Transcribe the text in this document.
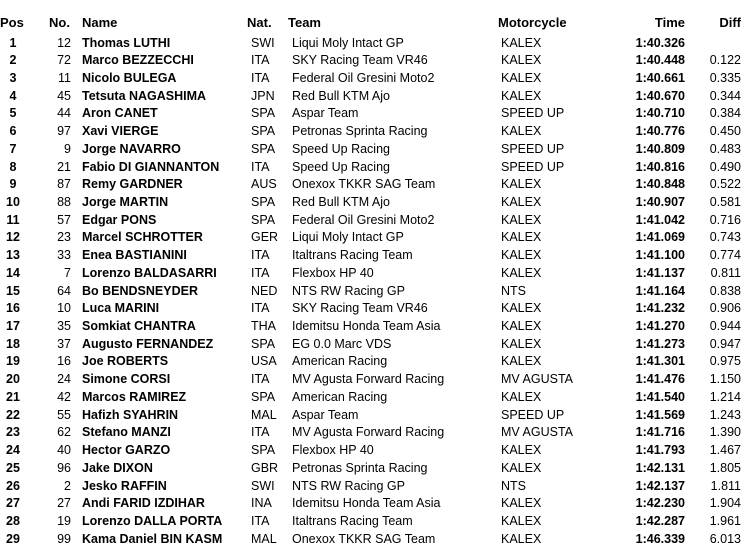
Pos	No. Name	Nat.	Team	Motorcycle	Time	Diff
1	12 Thomas LUTHI	SWI	Liqui Moly Intact GP	KALEX	1:40.326
2	72 Marco BEZZECCHI	ITA	SKY Racing Team VR46	KALEX	1:40.448	0.122
3	11 Nicolo BULEGA	ITA	Federal Oil Gresini Moto2	KALEX	1:40.661	0.335
4	45 Tetsuta NAGASHIMA	JPN	Red Bull KTM Ajo	KALEX	1:40.670	0.344
5	44 Aron CANET	SPA	Aspar Team	SPEED UP	1:40.710	0.384
6	97 Xavi VIERGE	SPA	Petronas Sprinta Racing	KALEX	1:40.776	0.450
7	9 Jorge NAVARRO	SPA	Speed Up Racing	SPEED UP	1:40.809	0.483
8	21 Fabio DI GIANNANTON	ITA	Speed Up Racing	SPEED UP	1:40.816	0.490
9	87 Remy GARDNER	AUS	Onexox TKKR SAG Team	KALEX	1:40.848	0.522
10	88 Jorge MARTIN	SPA	Red Bull KTM Ajo	KALEX	1:40.907	0.581
11	57 Edgar PONS	SPA	Federal Oil Gresini Moto2	KALEX	1:41.042	0.716
12	23 Marcel SCHROTTER	GER	Liqui Moly Intact GP	KALEX	1:41.069	0.743
13	33 Enea BASTIANINI	ITA	Italtrans Racing Team	KALEX	1:41.100	0.774
14	7 Lorenzo BALDASARRI	ITA	Flexbox HP 40	KALEX	1:41.137	0.811
15	64 Bo BENDSNEYDER	NED	NTS RW Racing GP	NTS	1:41.164	0.838
16	10 Luca MARINI	ITA	SKY Racing Team VR46	KALEX	1:41.232	0.906
17	35 Somkiat CHANTRA	THA	Idemitsu Honda Team Asia	KALEX	1:41.270	0.944
18	37 Augusto FERNANDEZ	SPA	EG 0.0 Marc VDS	KALEX	1:41.273	0.947
19	16 Joe ROBERTS	USA	American Racing	KALEX	1:41.301	0.975
20	24 Simone CORSI	ITA	MV Agusta Forward Racing	MV AGUSTA	1:41.476	1.150
21	42 Marcos RAMIREZ	SPA	American Racing	KALEX	1:41.540	1.214
22	55 Hafizh SYAHRIN	MAL	Aspar Team	SPEED UP	1:41.569	1.243
23	62 Stefano MANZI	ITA	MV Agusta Forward Racing	MV AGUSTA	1:41.716	1.390
24	40 Hector GARZO	SPA	Flexbox HP 40	KALEX	1:41.793	1.467
25	96 Jake DIXON	GBR	Petronas Sprinta Racing	KALEX	1:42.131	1.805
26	2 Jesko RAFFIN	SWI	NTS RW Racing GP	NTS	1:42.137	1.811
27	27 Andi FARID IZDIHAR	INA	Idemitsu Honda Team Asia	KALEX	1:42.230	1.904
28	19 Lorenzo DALLA PORTA	ITA	Italtrans Racing Team	KALEX	1:42.287	1.961
29	99 Kama Daniel BIN KASM	MAL	Onexox TKKR SAG Team	KALEX	1:46.339	6.013
